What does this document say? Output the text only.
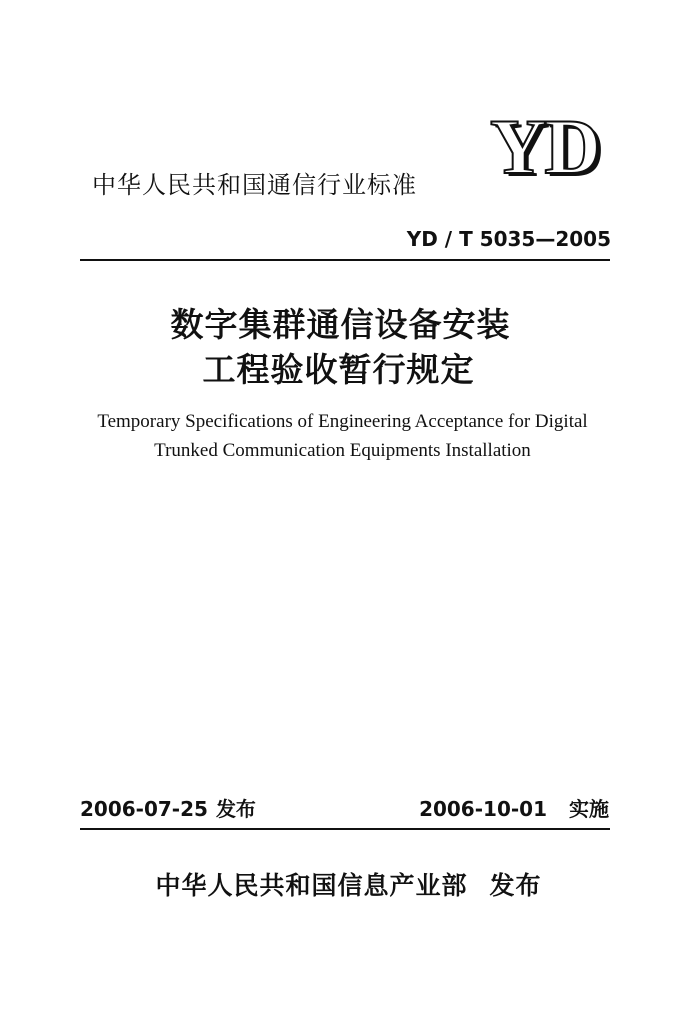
YD
中华人民共和国通信行业标准
YD / T 5035—2005
数字集群通信设备安装
工程验收暂行规定
Temporary Specifications of Engineering Acceptance for Digital
Trunked Communication Equipments Installation
2006-07-25 发布	2006-10-01 实施
中华人民共和国信息产业部 发布
